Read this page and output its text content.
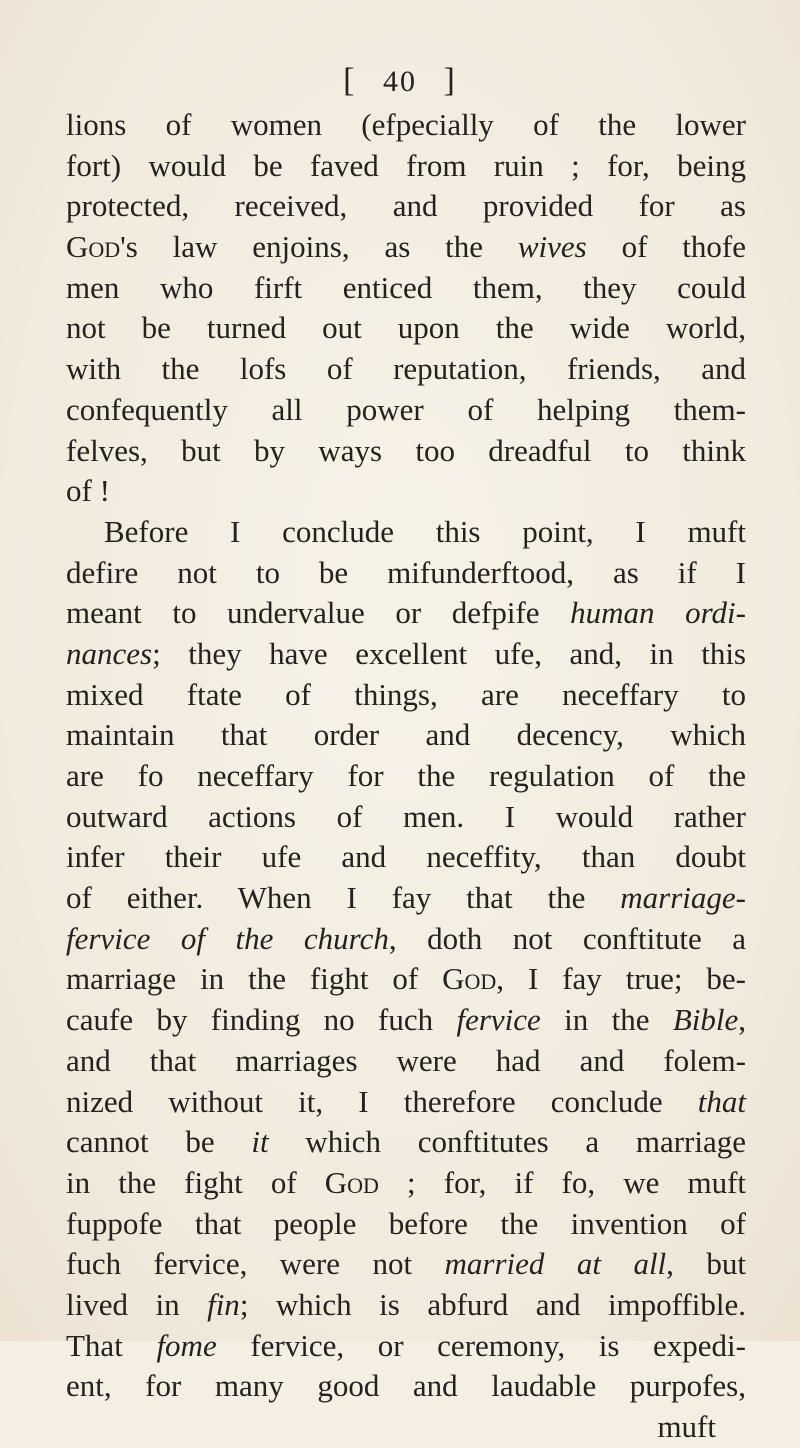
[ 40 ]
lions of women (efpecially of the lower
fort) would be faved from ruin ; for, being
protected, received, and provided for as
God's law enjoins, as the wives of thofe
men who firft enticed them, they could
not be turned out upon the wide world,
with the lofs of reputation, friends, and
confequently all power of helping them-
felves, but by ways too dreadful to think
of !
Before I conclude this point, I muft
defire not to be mifunderftood, as if I
meant to undervalue or defpife human ordi-
nances; they have excellent ufe, and, in this
mixed ftate of things, are neceffary to
maintain that order and decency, which
are fo neceffary for the regulation of the
outward actions of men. I would rather
infer their ufe and neceffity, than doubt
of either. When I fay that the marriage-
fervice of the church, doth not conftitute a
marriage in the fight of God, I fay true; be-
caufe by finding no fuch fervice in the Bible,
and that marriages were had and folem-
nized without it, I therefore conclude that
cannot be it which conftitutes a marriage
in the fight of God ; for, if fo, we muft
fuppofe that people before the invention of
fuch fervice, were not married at all, but
lived in fin; which is abfurd and impoffible.
That fome fervice, or ceremony, is expedi-
ent, for many good and laudable purpofes,
muft
